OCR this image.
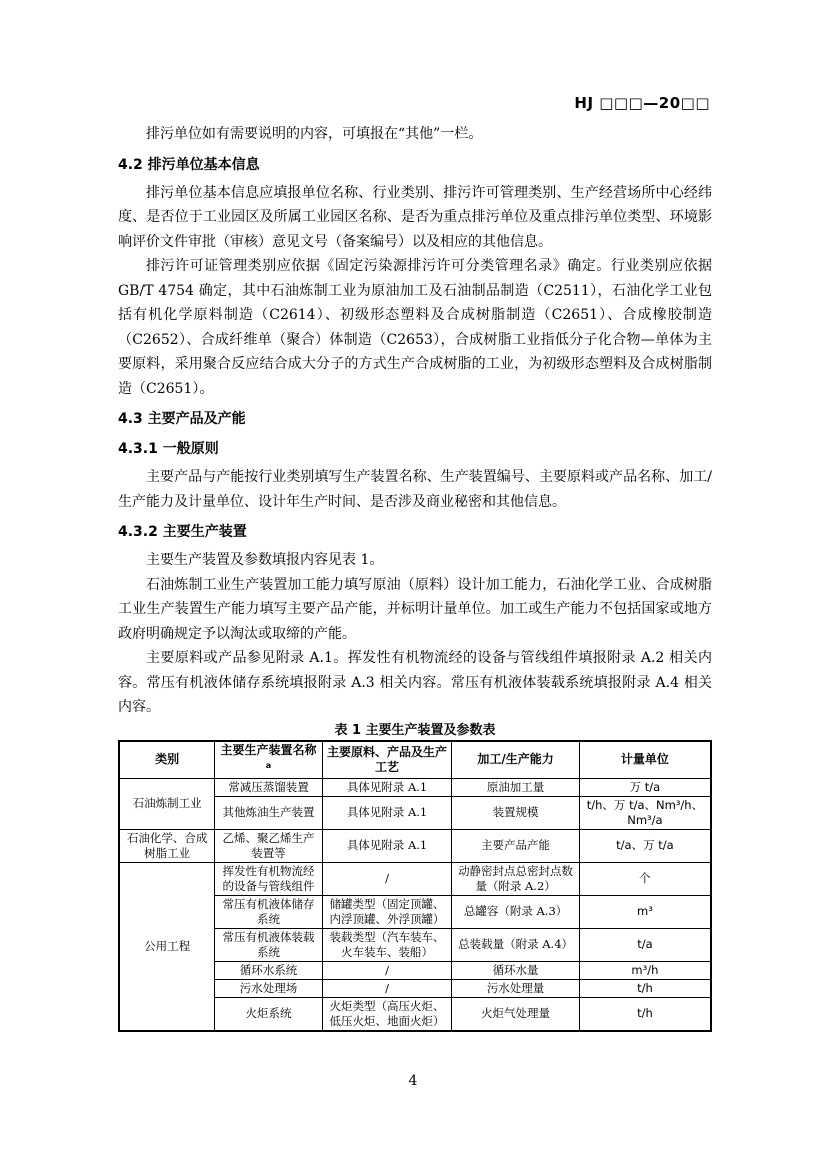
HJ □□□—20□□

排污单位如有需要说明的内容，可填报在“其他”一栏。

4.2 排污单位基本信息

排污单位基本信息应填报单位名称、行业类别、排污许可管理类别、生产经营场所中心经纬度、是否位于工业园区及所属工业园区名称、是否为重点排污单位及重点排污单位类型、环境影响评价文件审批（审核）意见文号（备案编号）以及相应的其他信息。

排污许可证管理类别应依据《固定污染源排污许可分类管理名录》确定。行业类别应依据 GB/T 4754 确定，其中石油炼制工业为原油加工及石油制品制造（C2511），石油化学工业包括有机化学原料制造（C2614）、初级形态塑料及合成树脂制造（C2651）、合成橡胶制造（C2652）、合成纤维单（聚合）体制造（C2653），合成树脂工业指低分子化合物—单体为主要原料，采用聚合反应结合成大分子的方式生产合成树脂的工业，为初级形态塑料及合成树脂制造（C2651）。

4.3 主要产品及产能

4.3.1 一般原则

主要产品与产能按行业类别填写生产装置名称、生产装置编号、主要原料或产品名称、加工/生产能力及计量单位、设计年生产时间、是否涉及商业秘密和其他信息。

4.3.2 主要生产装置

主要生产装置及参数填报内容见表 1。

石油炼制工业生产装置加工能力填写原油（原料）设计加工能力，石油化学工业、合成树脂工业生产装置生产能力填写主要产品产能，并标明计量单位。加工或生产能力不包括国家或地方政府明确规定予以淘汰或取缔的产能。

主要原料或产品参见附录 A.1。挥发性有机物流经的设备与管线组件填报附录 A.2 相关内容。常压有机液体储存系统填报附录 A.3 相关内容。常压有机液体装载系统填报附录 A.4 相关内容。

表 1 主要生产装置及参数表
类别	主要生产装置名称$^a$	主要原料、产品及生产工艺	加工/生产能力	计量单位
石油炼制工业	常减压蒸馏装置	具体见附录 A.1	原油加工量	万 t/a
	其他炼油生产装置	具体见附录 A.1	装置规模	t/h、万 t/a、Nm³/h、Nm³/a
石油化学、合成树脂工业	乙烯、聚乙烯生产装置等	具体见附录 A.1	主要产品产能	t/a、万 t/a
公用工程	挥发性有机物流经的设备与管线组件	/	动静密封点总密封点数量（附录 A.2）	个
	常压有机液体储存系统	储罐类型（固定顶罐、内浮顶罐、外浮顶罐）	总罐容（附录 A.3）	m³
	常压有机液体装载系统	装载类型（汽车装车、火车装车、装船）	总装载量（附录 A.4）	t/a
	循环水系统	/	循环水量	m³/h
	污水处理场	/	污水处理量	t/h
	火炬系统	火炬类型（高压火炬、低压火炬、地面火炬）	火炬气处理量	t/h
4
